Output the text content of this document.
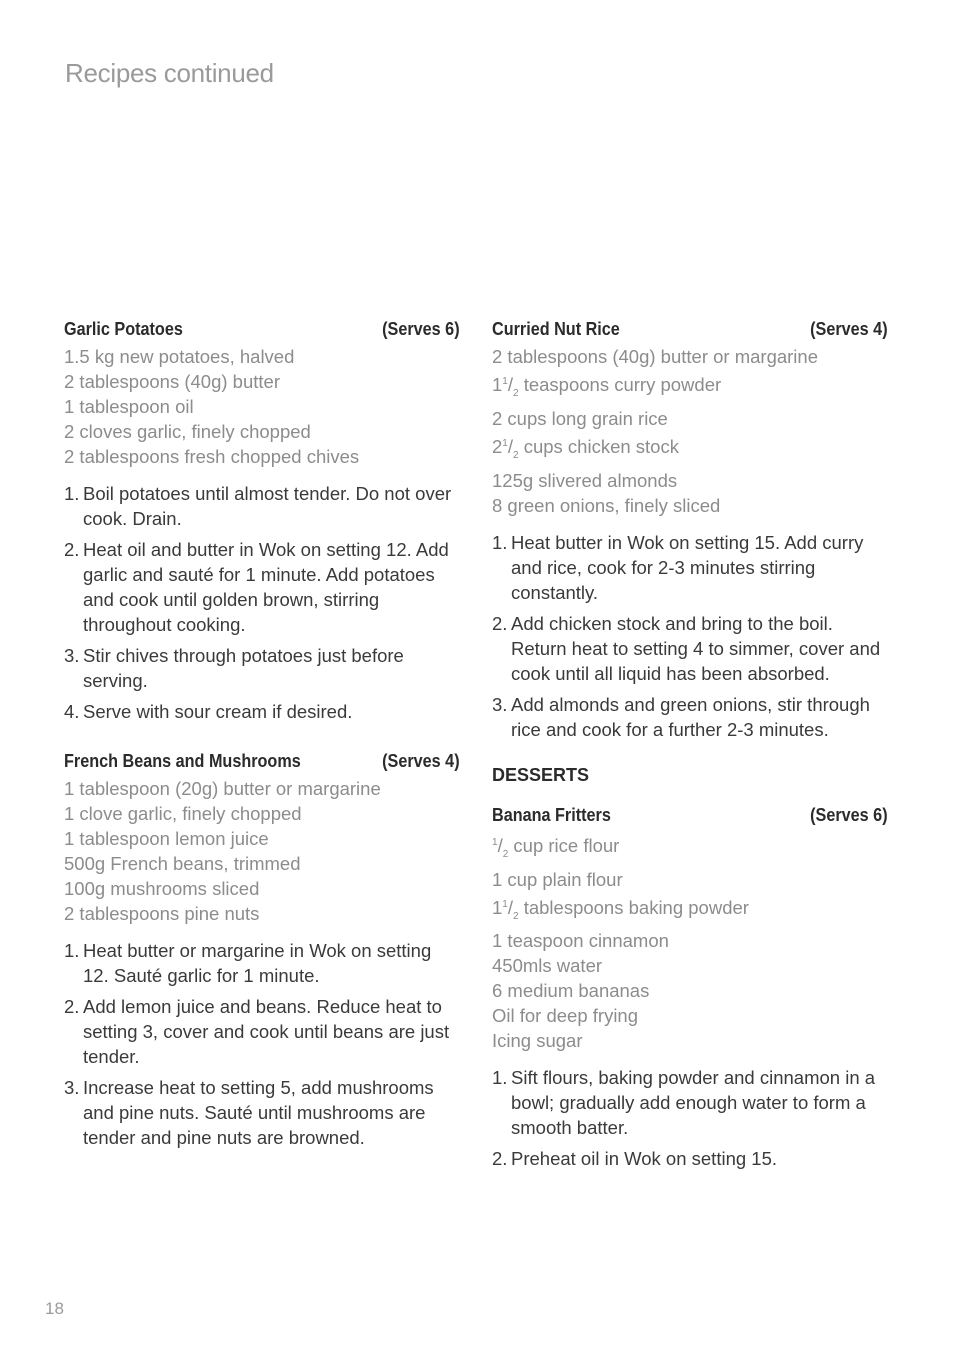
Recipes continued
Garlic Potatoes	(Serves 6)
1.5 kg new potatoes, halved
2 tablespoons (40g) butter
1 tablespoon oil
2 cloves garlic, finely chopped
2 tablespoons fresh chopped chives
1. Boil potatoes until almost tender. Do not over cook. Drain.
2. Heat oil and butter in Wok on setting 12. Add garlic and sauté for 1 minute. Add potatoes and cook until golden brown, stirring throughout cooking.
3. Stir chives through potatoes just before serving.
4. Serve with sour cream if desired.
French Beans and Mushrooms	(Serves 4)
1 tablespoon (20g) butter or margarine
1 clove garlic, finely chopped
1 tablespoon lemon juice
500g French beans, trimmed
100g mushrooms sliced
2 tablespoons pine nuts
1. Heat butter or margarine in Wok on setting 12. Sauté garlic for 1 minute.
2. Add lemon juice and beans. Reduce heat to setting 3, cover and cook until beans are just tender.
3. Increase heat to setting 5, add mushrooms and pine nuts. Sauté until mushrooms are tender and pine nuts are browned.
Curried Nut Rice	(Serves 4)
2 tablespoons (40g) butter or margarine
$1^1/_2$ teaspoons curry powder
2 cups long grain rice
$2^1/_2$ cups chicken stock
125g slivered almonds
8 green onions, finely sliced
1. Heat butter in Wok on setting 15. Add curry and rice, cook for 2-3 minutes stirring constantly.
2. Add chicken stock and bring to the boil. Return heat to setting 4 to simmer, cover and cook until all liquid has been absorbed.
3. Add almonds and green onions, stir through rice and cook for a further 2-3 minutes.
DESSERTS
Banana Fritters	(Serves 6)
$^1/_2$ cup rice flour
1 cup plain flour
$1^1/_2$ tablespoons baking powder
1 teaspoon cinnamon
450mls water
6 medium bananas
Oil for deep frying
Icing sugar
1. Sift flours, baking powder and cinnamon in a bowl; gradually add enough water to form a smooth batter.
2. Preheat oil in Wok on setting 15.
18
